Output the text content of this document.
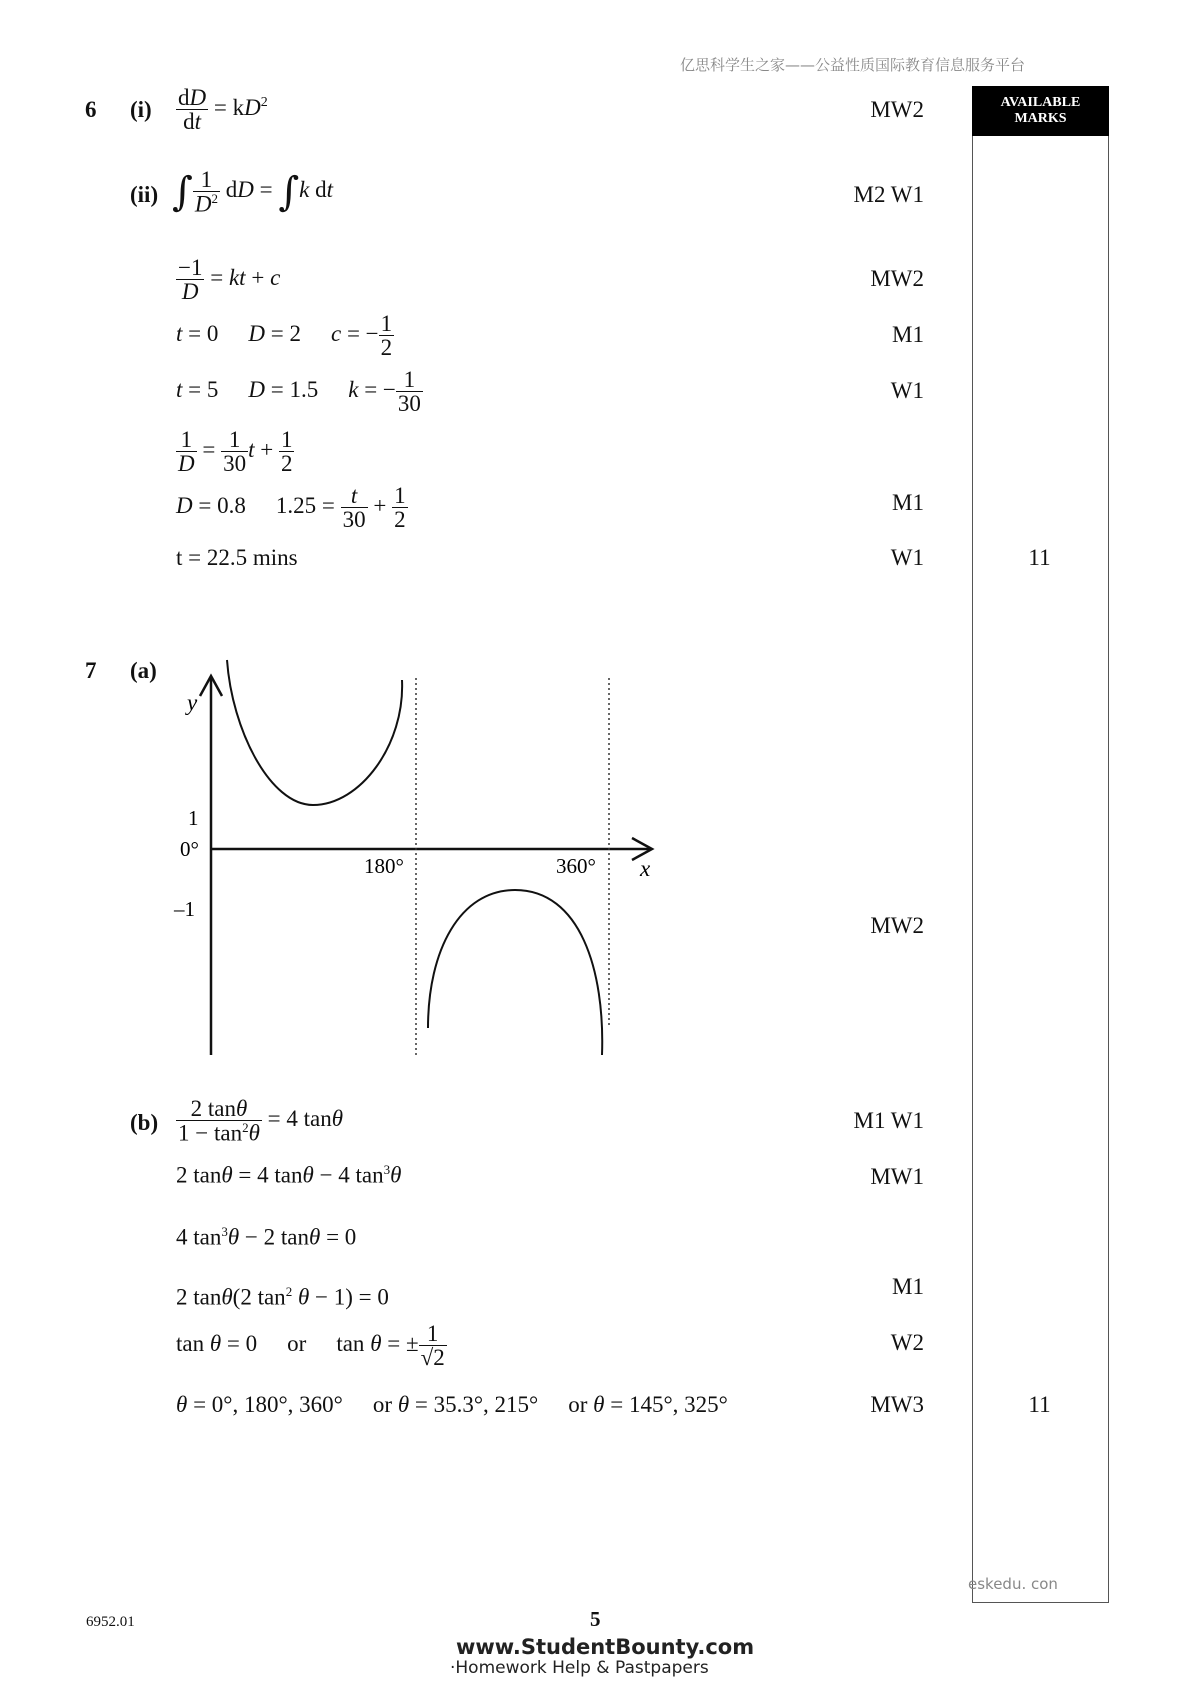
亿思科学生之家——公益性质国际教育信息服务平台
AVAILABLE
MARKS
6 $(i) \frac{dD}{dt} = kD^2$	MW2
(ii) ∫ $\frac{1}{D^2}$ dD = ∫k dt	M2 W1
$\frac{-1}{D}$ = kt + c	MW2
t = 0 D = 2 c = − $\frac{1}{2}$	M1
t = 5 D = 1.5 k = − $\frac{1}{30}$	W1
$\frac{1}{D} = \frac{1}{30}$ $t + \frac{1}{2}$
D = 0.8 $1.25 = \frac{t}{30} + \frac{1}{2}$	M1
t = 22.5 mins	W1	11
7 (a)
y
x
1
0°
–1
180°	360°
MW2
$(b) \frac{2 \tan\theta}{1 - \tan^2\theta} = 4$ tanθ	M1 W1
2 tanθ = 4 tanθ − 4 $\tan^3\theta$	MW1
4 $\tan^3\theta - 2$ tanθ = 0
2 tanθ(2 $\tan^2 \theta - 1) = 0$	M1
tan θ = 0 or tan θ = ± $\frac{1}{√2}$	W2
θ = 0°, 180°, 360° or θ = 35.3°, 215° or θ = 145°, 325°	MW3	11
eskedu. con
6952.01	5
www.StudentBounty.com
·Homework Help & Pastpapers
